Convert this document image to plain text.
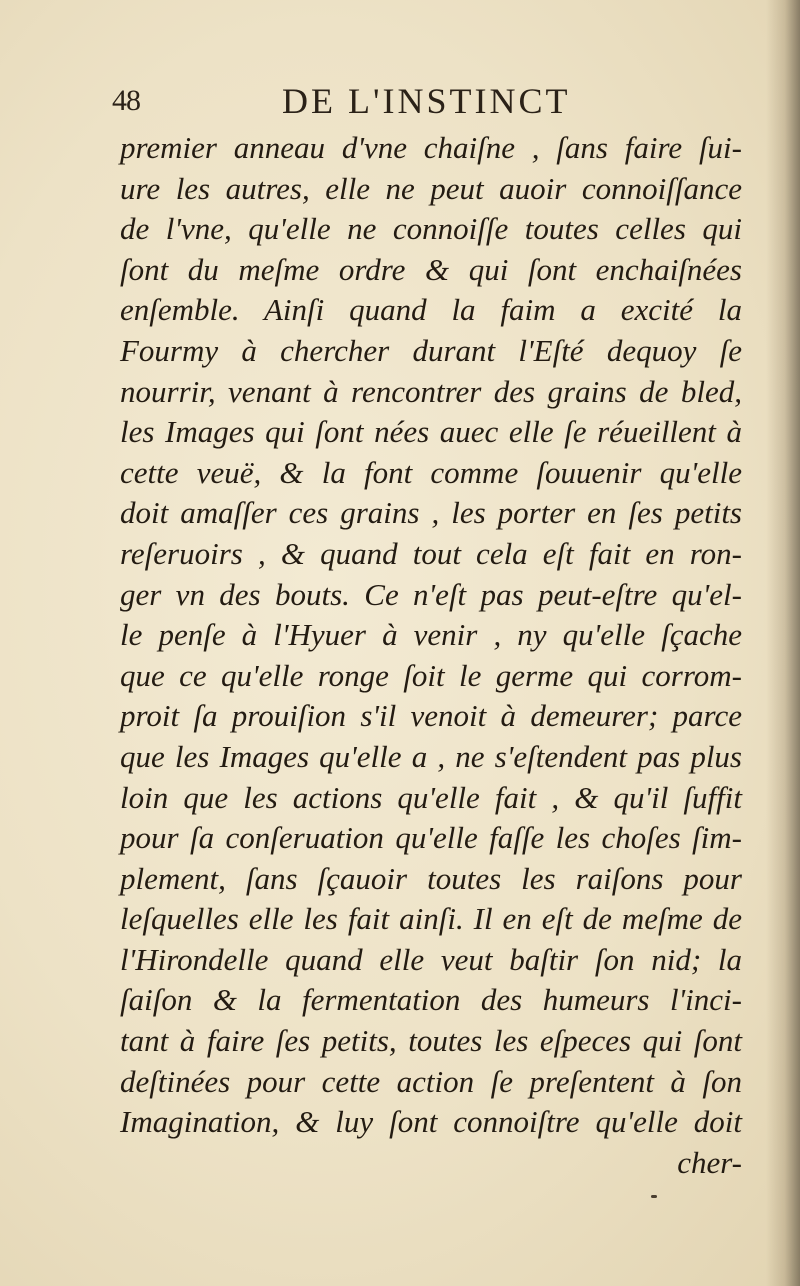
48	DE L'INSTINCT
premier anneau d'vne chaiſne , ſans faire ſui-
ure les autres, elle ne peut auoir connoiſſance
de l'vne, qu'elle ne connoiſſe toutes celles qui
ſont du meſme ordre & qui ſont enchaiſnées
enſemble. Ainſi quand la faim a excité la
Fourmy à chercher durant l'Eſté dequoy ſe
nourrir, venant à rencontrer des grains de bled,
les Images qui ſont nées auec elle ſe réueillent à
cette veuë, & la font comme ſouuenir qu'elle
doit amaſſer ces grains , les porter en ſes petits
reſeruoirs , & quand tout cela eſt fait en ron-
ger vn des bouts. Ce n'eſt pas peut-eſtre qu'el-
le penſe à l'Hyuer à venir , ny qu'elle ſçache
que ce qu'elle ronge ſoit le germe qui corrom-
proit ſa prouiſion s'il venoit à demeurer; parce
que les Images qu'elle a , ne s'eſtendent pas plus
loin que les actions qu'elle fait , & qu'il ſuffit
pour ſa conſeruation qu'elle faſſe les choſes ſim-
plement, ſans ſçauoir toutes les raiſons pour
leſquelles elle les fait ainſi. Il en eſt de meſme de
l'Hirondelle quand elle veut baſtir ſon nid; la
ſaiſon & la fermentation des humeurs l'inci-
tant à faire ſes petits, toutes les eſpeces qui ſont
deſtinées pour cette action ſe preſentent à ſon
Imagination, & luy ſont connoiſtre qu'elle doit
cher-
